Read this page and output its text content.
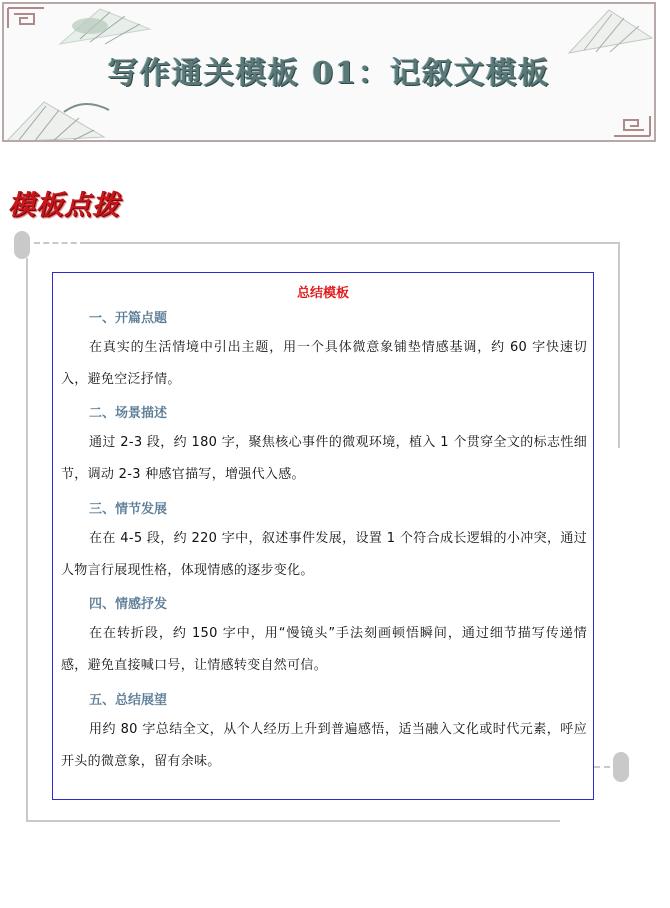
写作通关模板 01：记叙文模板
模板点拨
总结模板
一、开篇点题
在真实的生活情境中引出主题，用一个具体微意象铺垫情感基调，约 60 字快速切入，避免空泛抒情。
二、场景描述
通过 2-3 段，约 180 字，聚焦核心事件的微观环境，植入 1 个贯穿全文的标志性细节，调动 2-3 种感官描写，增强代入感。
三、情节发展
在在 4-5 段，约 220 字中，叙述事件发展，设置 1 个符合成长逻辑的小冲突，通过人物言行展现性格，体现情感的逐步变化。
四、情感抒发
在在转折段，约 150 字中，用“慢镜头”手法刻画顿悟瞬间，通过细节描写传递情感，避免直接喊口号，让情感转变自然可信。
五、总结展望
用约 80 字总结全文，从个人经历上升到普遍感悟，适当融入文化或时代元素，呼应开头的微意象，留有余味。
